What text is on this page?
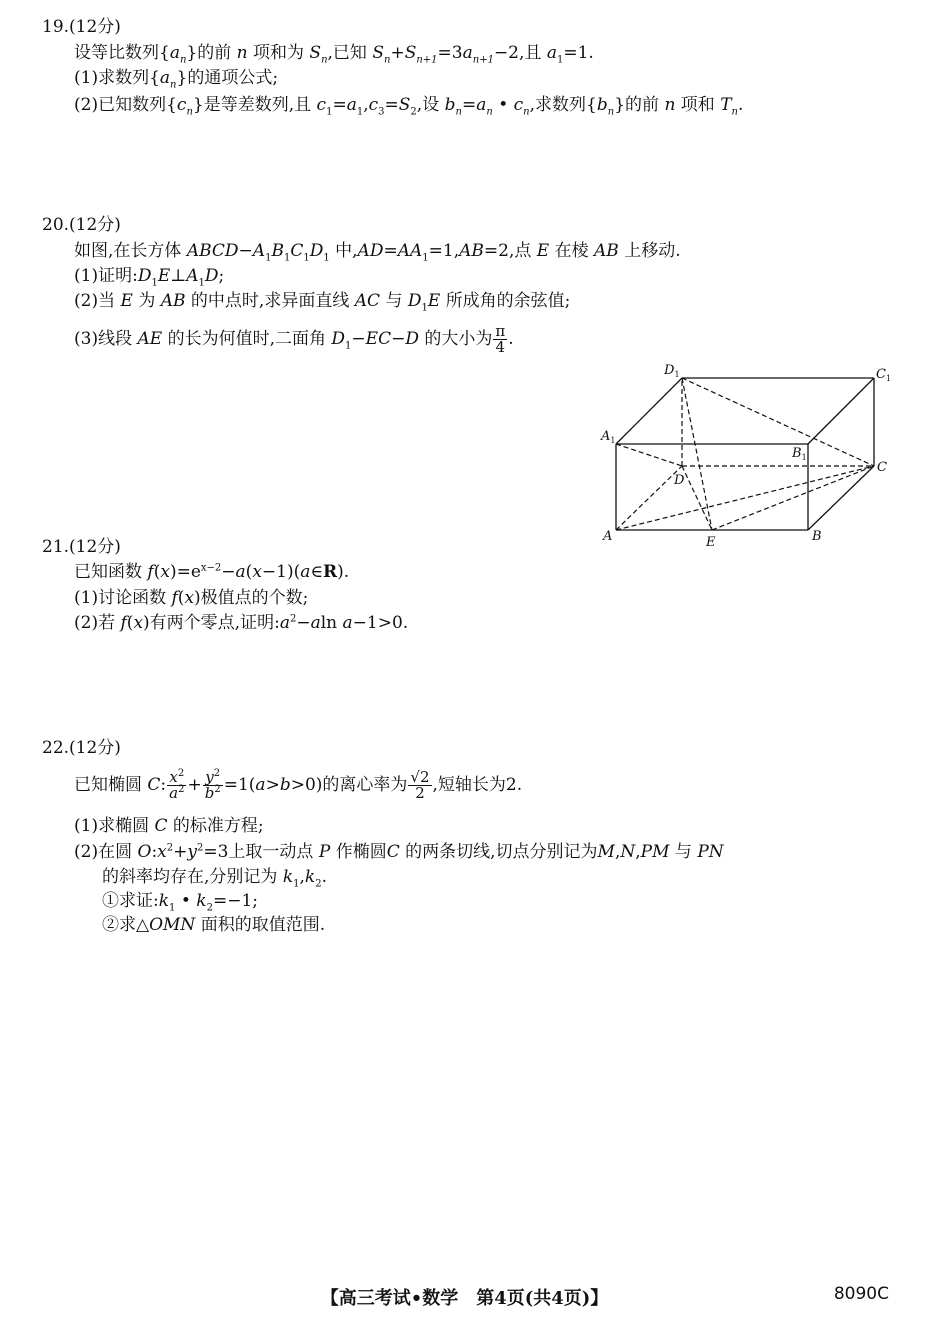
19.(12分)
设等比数列$\{a_n\}$的前 n 项和为 $S_n$,已知 $S_n+S_{n+1}=3a_{n+1}-2$,且 $a_1=1$.
(1)求数列$\{a_n\}$的通项公式;
(2)已知数列$\{c_n\}$是等差数列,且 $c_1=a_1,c_3=S_2$,设 $b_n=a_n$ • $c_n$,求数列$\{b_n\}$的前 n 项和 $T_n$.
20.(12分)
如图,在长方体 $ABCD-A_1B_1C_1D_1$ 中$,AD=AA_1=1,AB=2$,点 E 在棱 AB 上移动.
(1)证明$:D_1E\perp A_1D$;
(2)当 E 为 AB 的中点时,求异面直线 AC 与 $D_1E$ 所成角的余弦值;
(3)线段 AE 的长为何值时,二面角 $D_1-EC-D$ 的大小为 $\frac{\pi}{4}$ .
$D_1$	$C_1$
$A_1$
$B_1$
D
C
A	B
E
21.(12分)
已知函数 $f(x)=e^{x-2}-a(x-1)(a\in R)$.
(1)讨论函数 f(x)极值点的个数;
(2)若 f(x)有两个零点,证明$:a^2-aln$ a−1>0.
22.(12分)
已知椭圆 C: $\frac{x^2}{a^2} + \frac{y^2}{b^2} =1(a>b>0)$的离心率为 $\frac{√2}{2}$ ,短轴长为2.
(1)求椭圆 C 的标准方程;
(2)在圆 $O:x^2+y^2=3$上取一动点 P 作椭圆C 的两条切线,切点分别记为M,N,PM 与 PN
的斜率均存在,分别记为 $k_1,k_2$.
①求证$:k_1$ • $k_2=-1$;
②求△OMN 面积的取值范围.
【高三考试•数学　第4页(共4页)】	8090C
